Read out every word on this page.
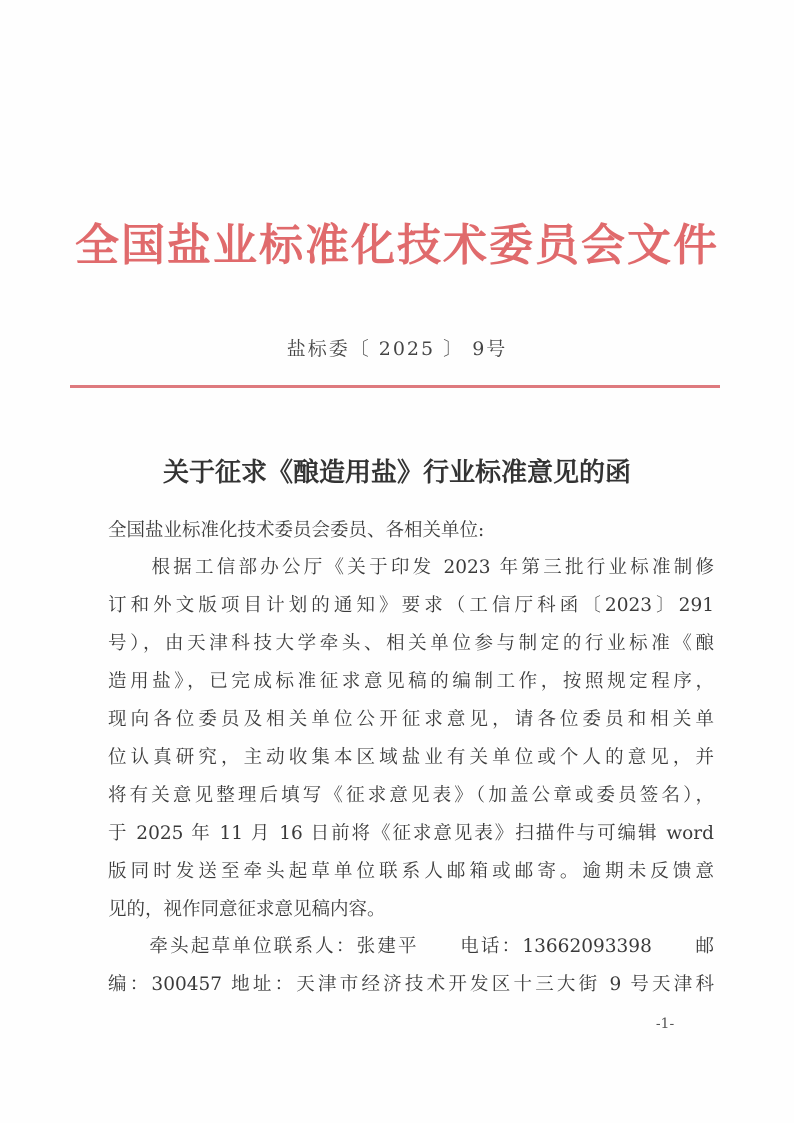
全国盐业标准化技术委员会文件
盐标委〔 2025 〕 9号
关于征求《酿造用盐》行业标准意见的函
全国盐业标准化技术委员会委员、各相关单位:
　　根据工信部办公厅《关于印发 2023 年第三批行业标准制修
订和外文版项目计划的通知》要求（工信厅科函〔2023〕291
号），由天津科技大学牵头、相关单位参与制定的行业标准《酿
造用盐》，已完成标准征求意见稿的编制工作，按照规定程序，
现向各位委员及相关单位公开征求意见，请各位委员和相关单
位认真研究，主动收集本区域盐业有关单位或个人的意见，并
将有关意见整理后填写《征求意见表》（加盖公章或委员签名），
于 2025 年 11 月 16 日前将《征求意见表》扫描件与可编辑 word
版同时发送至牵头起草单位联系人邮箱或邮寄。逾期未反馈意
见的，视作同意征求意见稿内容。
　　牵头起草单位联系人：张建平　　电话：13662093398　　邮
编：300457 地址：天津市经济技术开发区十三大街 9 号天津科
-1-
